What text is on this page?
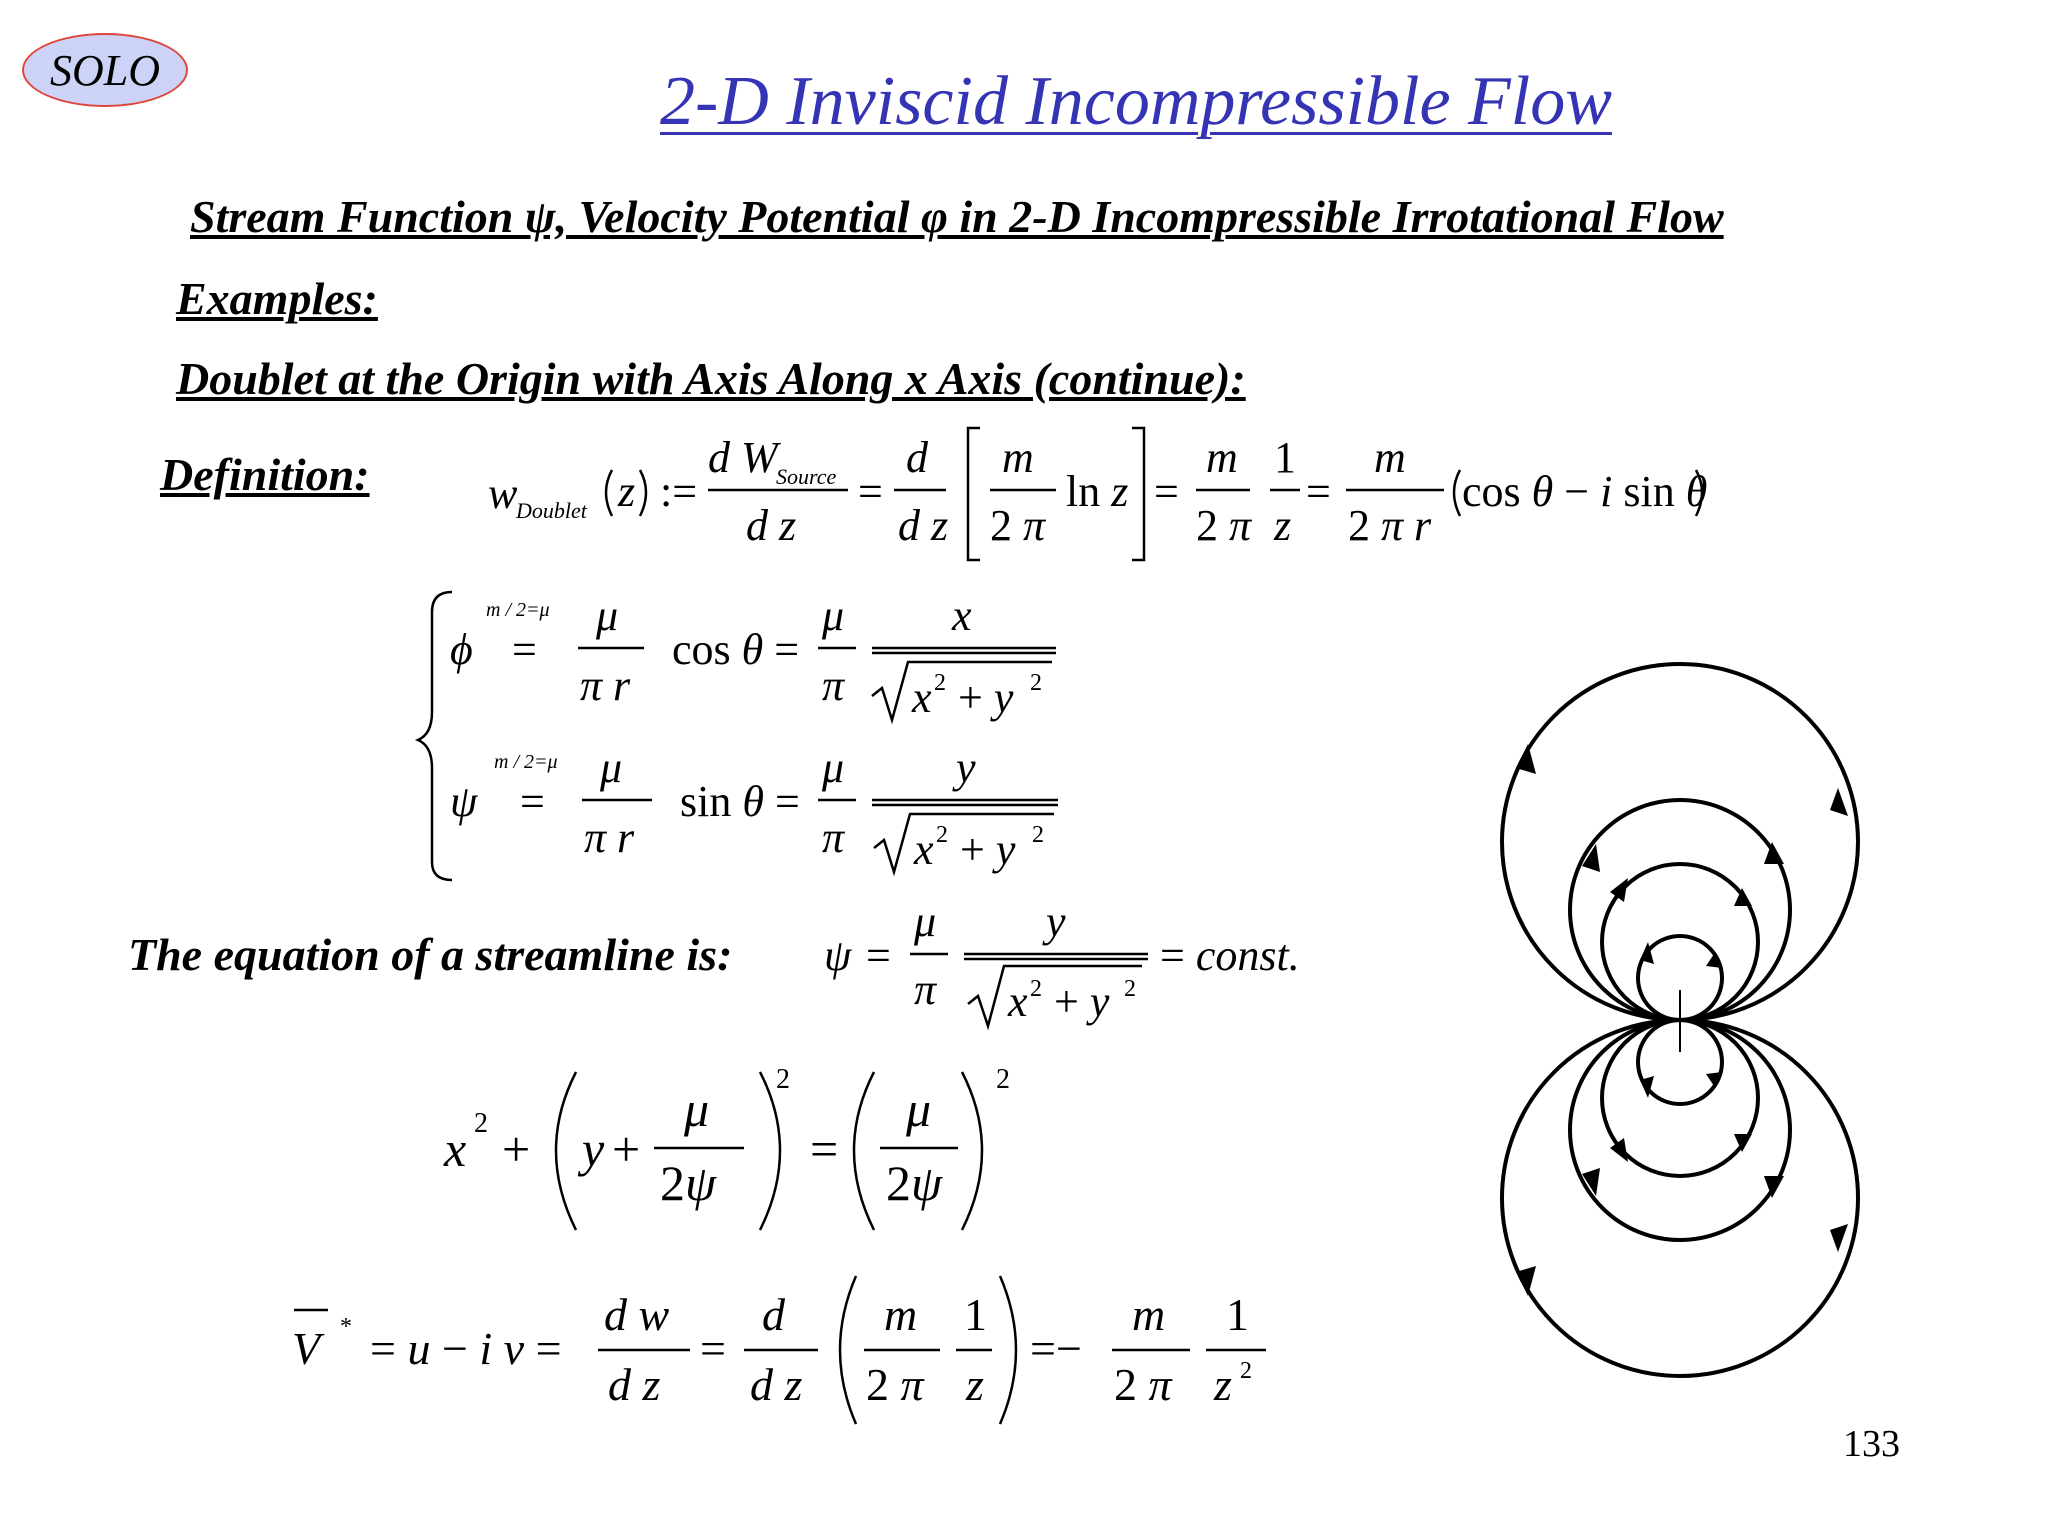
SOLO	2-D Inviscid Incompressible Flow
Stream Function ψ, Velocity Potential φ in 2-D Incompressible Irrotational Flow
Examples:
Doublet at the Origin with Axis Along x Axis (continue):
Definition:
The equation of a streamline is:
w
Doublet z :=
d W
Source
d z
=
d
d z
m
2 π
ln z =
m
2 π
1
z
=
m
2 π r
cos θ − i sin θ
ϕ
m / 2=μ
=
μ
π r
cos θ =
μ
π
x
x 2 + y 2
ψ
m / 2=μ
=
μ
π r
sin θ =
μ
π
y
x 2 + y 2
ψ =
μ
π
y
x 2 + y 2
= const.
x 2 + y +
μ
2ψ
2
=
μ
2ψ
2
V * = u − i v =
d w
d z
=
d
d z
m
2 π
1
z
=−
m
2 π
1
z 2
133
